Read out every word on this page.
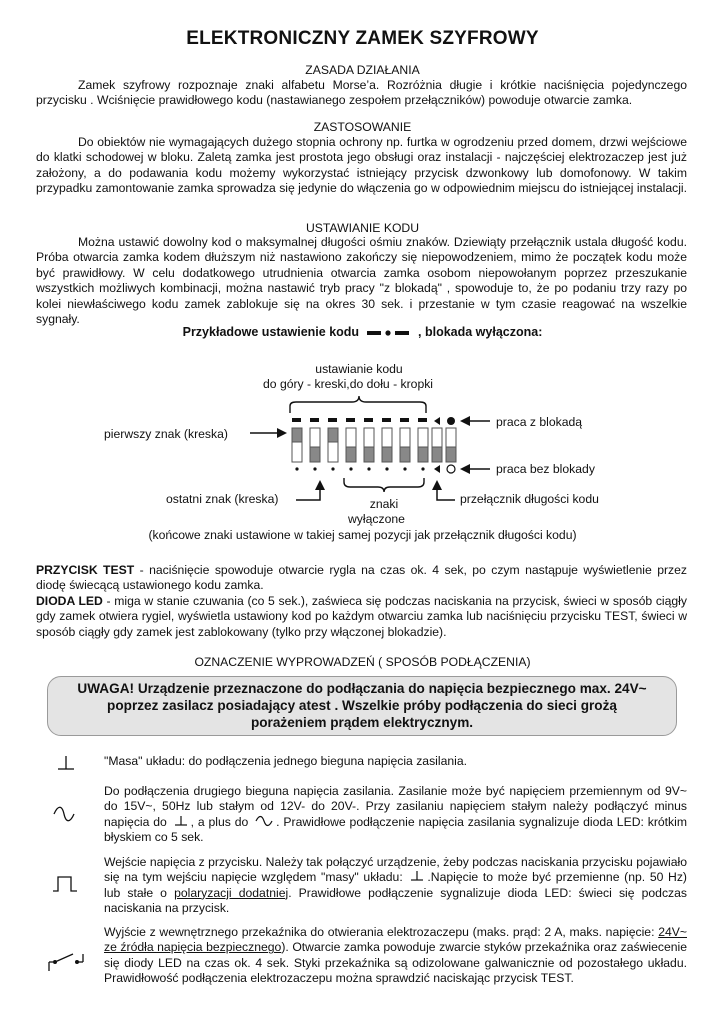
ELEKTRONICZNY ZAMEK SZYFROWY
ZASADA DZIAŁANIA
Zamek szyfrowy rozpoznaje znaki alfabetu Morse’a. Rozróżnia długie i krótkie naciśnięcia pojedynczego przycisku . Wciśnięcie prawidłowego kodu (nastawianego zespołem przełączników) powoduje otwarcie zamka.
ZASTOSOWANIE
Do obiektów nie wymagających dużego stopnia ochrony np. furtka w ogrodzeniu przed domem, drzwi wejściowe do klatki schodowej w bloku. Zaletą zamka jest prostota jego obsługi oraz instalacji - najczęściej elektrozaczep jest już założony, a do podawania kodu możemy wykorzystać istniejący przycisk dzwonkowy lub domofonowy. W takim przypadku zamontowanie zamka sprowadza się jedynie do włączenia go w odpowiednim miejscu do istniejącej instalacji.
USTAWIANIE KODU
Można ustawić dowolny kod o maksymalnej długości ośmiu znaków. Dziewiąty przełącznik ustala długość kodu. Próba otwarcia zamka kodem dłuższym niż nastawiono zakończy się niepowodzeniem, mimo że początek kodu może być prawidłowy. W celu dodatkowego utrudnienia otwarcia zamka osobom niepowołanym poprzez przeszukanie wszystkich możliwych kombinacji, można nastawić tryb pracy "z blokadą" , spowoduje to, że po podaniu trzy razy po kolei niewłaściwego kodu zamek zablokuje się na okres 30 sek. i przestanie w tym czasie reagować na wszelkie sygnały.
Przykładowe ustawienie kodu	, blokada wyłączona:
ustawianie kodu
do góry - kreski,do dołu - kropki
pierwszy znak (kreska)
ostatni znak (kreska)	znaki
wyłączone
przełącznik długości kodu
praca z blokadą
praca bez blokady
(końcowe znaki ustawione w takiej samej pozycji jak przełącznik długości kodu)
PRZYCISK TEST - naciśnięcie spowoduje otwarcie rygla na czas ok. 4 sek, po czym nastąpuje wyświetlenie przez diodę świecącą ustawionego kodu zamka.
DIODA LED - miga w stanie czuwania (co 5 sek.), zaświeca się podczas naciskania na przycisk, świeci w sposób ciągły gdy zamek otwiera rygiel, wyświetla ustawiony kod po każdym otwarciu zamka lub naciśnięciu przycisku TEST, świeci w sposób ciągły gdy zamek jest zablokowany (tylko przy włączonej blokadzie).
OZNACZENIE WYPROWADZEŃ ( SPOSÓB PODŁĄCZENIA)
UWAGA! Urządzenie przeznaczone do podłączania do napięcia bezpiecznego max. 24V~
poprzez zasilacz posiadający atest . Wszelkie próby podłączenia do sieci grożą
porażeniem prądem elektrycznym.
"Masa" układu: do podłączenia jednego bieguna napięcia zasilania.
Do podłączenia drugiego bieguna napięcia zasilania. Zasilanie może być napięciem przemiennym od 9V~ do 15V~, 50Hz lub stałym od 12V- do 20V-. Przy zasilaniu napięciem stałym należy podłączyć minus napięcia do , a plus do . Prawidłowe podłączenie napięcia zasilania sygnalizuje dioda LED: krótkim błyskiem co 5 sek.
Wejście napięcia z przycisku. Należy tak połączyć urządzenie, żeby podczas naciskania przycisku pojawiało się na tym wejściu napięcie względem "masy" układu: .Napięcie to może być przemienne (np. 50 Hz) lub stałe o polaryzacji dodatniej. Prawidłowe podłączenie sygnalizuje dioda LED: świeci się podczas naciskania na przycisk.
Wyjście z wewnętrznego przekaźnika do otwierania elektrozaczepu (maks. prąd: 2 A, maks. napięcie: 24V~ ze źródła napięcia bezpiecznego). Otwarcie zamka powoduje zwarcie styków przekaźnika oraz zaświecenie się diody LED na czas ok. 4 sek. Styki przekaźnika są odizolowane galwanicznie od pozostałego układu. Prawidłowość podłączenia elektrozaczepu można sprawdzić naciskając przycisk TEST.
